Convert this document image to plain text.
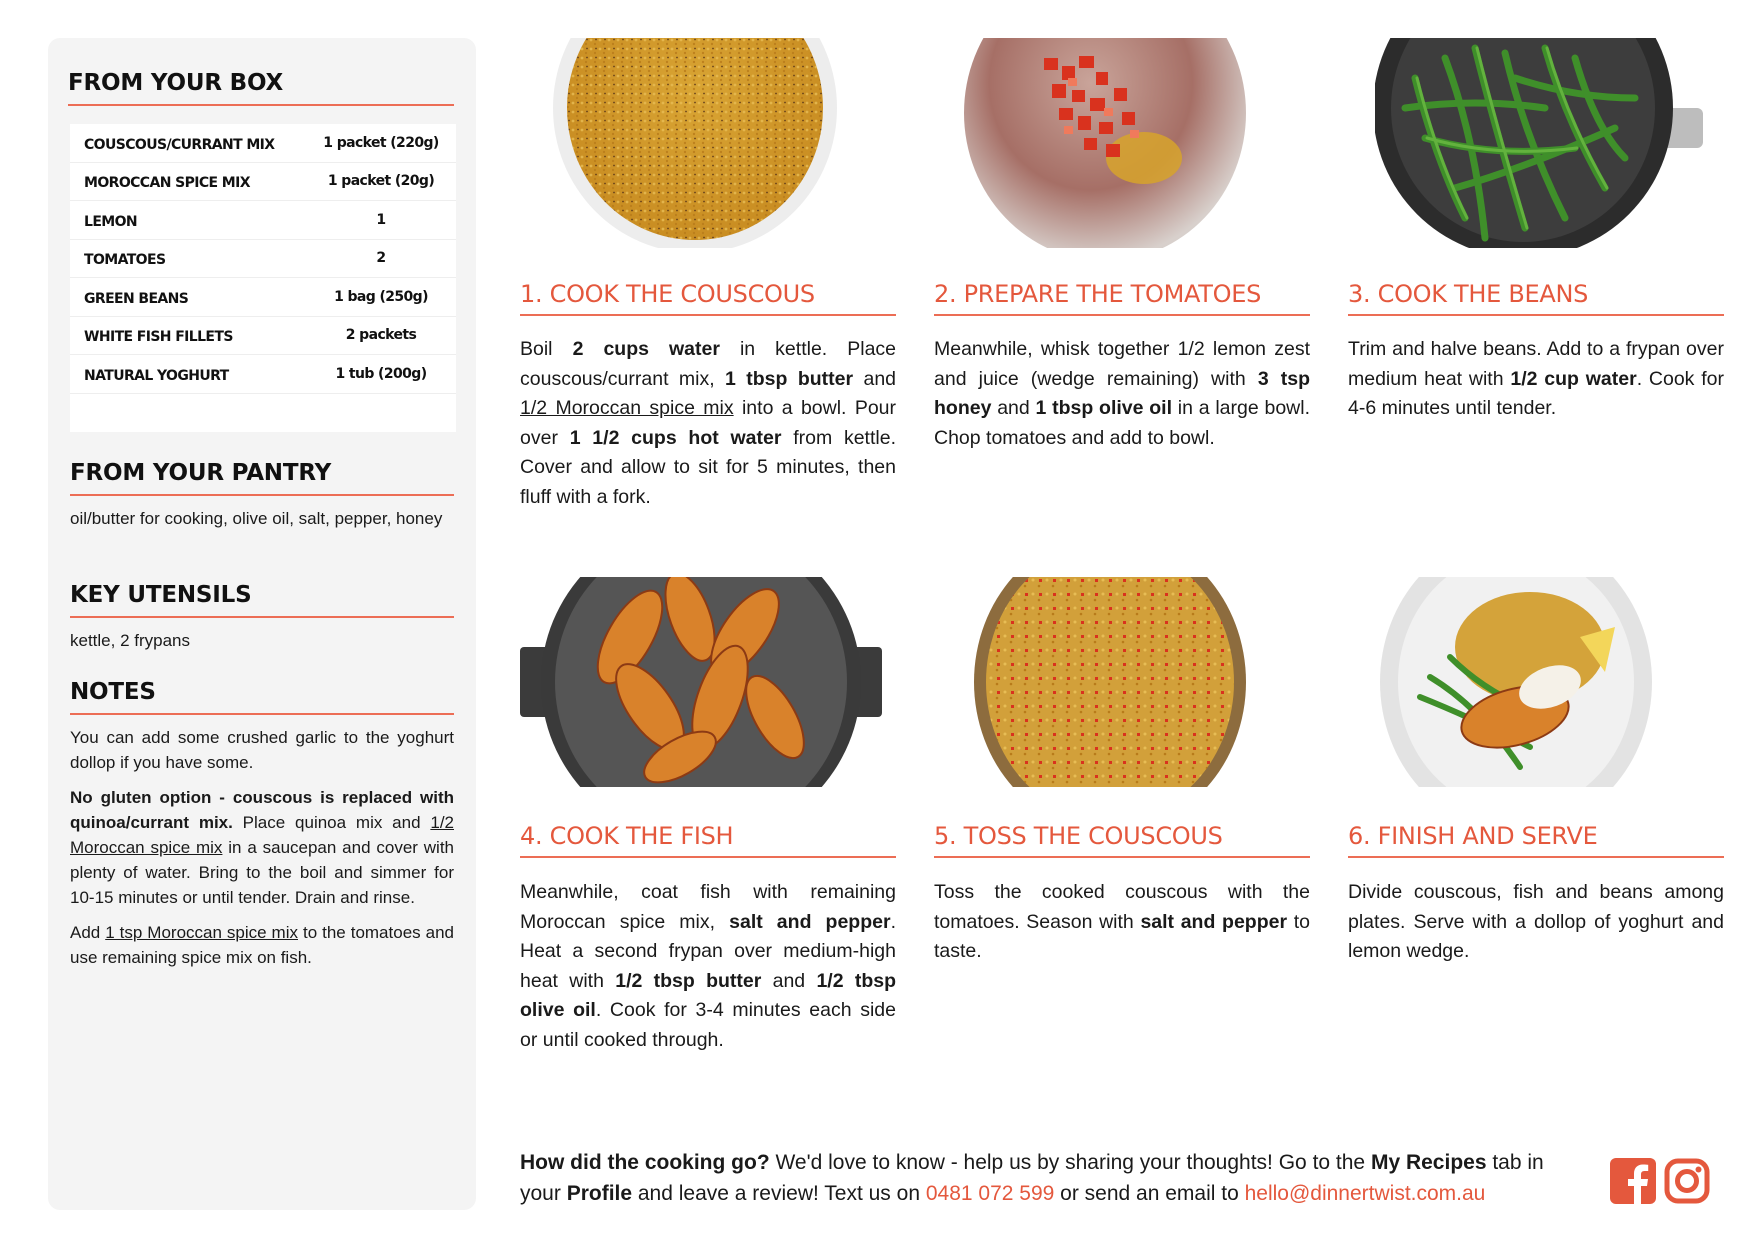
FROM YOUR BOX
COUSCOUS/CURRANT MIX	1 packet (220g)
MOROCCAN SPICE MIX	1 packet (20g)
LEMON	1
TOMATOES	2
GREEN BEANS	1 bag (250g)
WHITE FISH FILLETS	2 packets
NATURAL YOGHURT	1 tub (200g)
FROM YOUR PANTRY
oil/butter for cooking, olive oil, salt, pepper, honey
KEY UTENSILS
kettle, 2 frypans
NOTES

You can add some crushed garlic to the yoghurt dollop if you have some.

No gluten option - couscous is replaced with quinoa/currant mix. Place quinoa mix and 1/2 Moroccan spice mix in a saucepan and cover with plenty of water. Bring to the boil and simmer for 10-15 minutes or until tender. Drain and rinse.

Add 1 tsp Moroccan spice mix to the tomatoes and use remaining spice mix on fish.

1. COOK THE COUSCOUS
Boil 2 cups water in kettle. Place couscous/currant mix, 1 tbsp butter and 1/2 Moroccan spice mix into a bowl. Pour over 1 1/2 cups hot water from kettle. Cover and allow to sit for 5 minutes, then fluff with a fork.
2. PREPARE THE TOMATOES
Meanwhile, whisk together 1/2 lemon zest and juice (wedge remaining) with 3 tsp honey and 1 tbsp olive oil in a large bowl. Chop tomatoes and add to bowl.
3. COOK THE BEANS
Trim and halve beans. Add to a frypan over medium heat with 1/2 cup water. Cook for 4-6 minutes until tender.
4. COOK THE FISH
Meanwhile, coat fish with remaining Moroccan spice mix, salt and pepper. Heat a second frypan over medium-high heat with 1/2 tbsp butter and 1/2 tbsp olive oil. Cook for 3-4 minutes each side or until cooked through.
5. TOSS THE COUSCOUS
Toss the cooked couscous with the tomatoes. Season with salt and pepper to taste.
6. FINISH AND SERVE
Divide couscous, fish and beans among plates. Serve with a dollop of yoghurt and lemon wedge.
How did the cooking go? We'd love to know - help us by sharing your thoughts! Go to the My Recipes tab in your Profile and leave a review! Text us on 0481 072 599 or send an email to hello@dinnertwist.com.au
